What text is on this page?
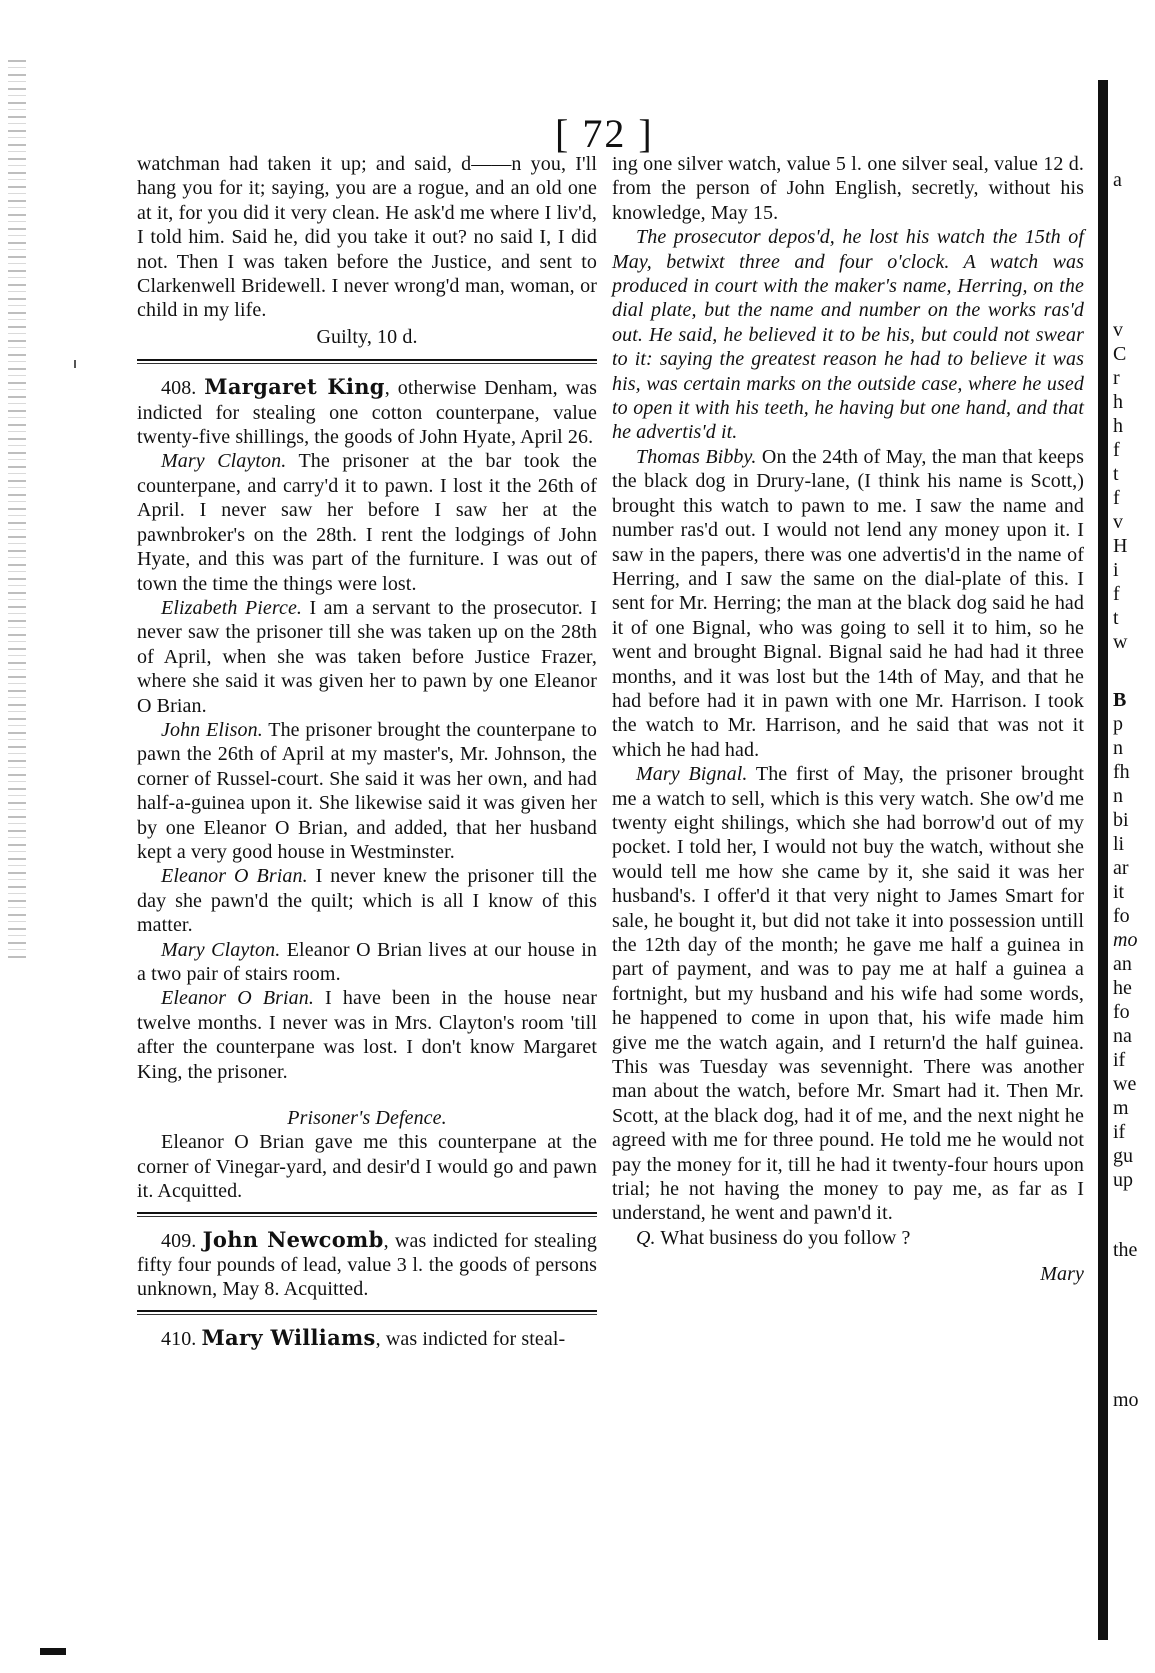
[ 72 ]

watchman had taken it up; and said, d——n you, I'll hang you for it; saying, you are a rogue, and an old one at it, for you did it very clean. He ask'd me where I liv'd, I told him. Said he, did you take it out? no said I, I did not. Then I was taken before the Justice, and sent to Clarkenwell Bridewell. I never wrong'd man, woman, or child in my life.

Guilty, 10 d.

408. Margaret King, otherwise Denham, was indicted for stealing one cotton counterpane, value twenty-five shillings, the goods of John Hyate, April 26.

Mary Clayton. The prisoner at the bar took the counterpane, and carry'd it to pawn. I lost it the 26th of April. I never saw her before I saw her at the pawnbroker's on the 28th. I rent the lodgings of John Hyate, and this was part of the furniture. I was out of town the time the things were lost.

Elizabeth Pierce. I am a servant to the prosecutor. I never saw the prisoner till she was taken up on the 28th of April, when she was taken before Justice Frazer, where she said it was given her to pawn by one Eleanor O Brian.

John Elison. The prisoner brought the counterpane to pawn the 26th of April at my master's, Mr. Johnson, the corner of Russel-court. She said it was her own, and had half-a-guinea upon it. She likewise said it was given her by one Eleanor O Brian, and added, that her husband kept a very good house in Westminster.

Eleanor O Brian. I never knew the prisoner till the day she pawn'd the quilt; which is all I know of this matter.

Mary Clayton. Eleanor O Brian lives at our house in a two pair of stairs room.

Eleanor O Brian. I have been in the house near twelve months. I never was in Mrs. Clayton's room 'till after the counterpane was lost. I don't know Margaret King, the prisoner.

Prisoner's Defence.

Eleanor O Brian gave me this counterpane at the corner of Vinegar-yard, and desir'd I would go and pawn it. Acquitted.

409. John Newcomb, was indicted for stealing fifty four pounds of lead, value 3 l. the goods of persons unknown, May 8. Acquitted.

410. Mary Williams, was indicted for steal-

ing one silver watch, value 5 l. one silver seal, value 12 d. from the person of John English, secretly, without his knowledge, May 15.

The prosecutor depos'd, he lost his watch the 15th of May, betwixt three and four o'clock. A watch was produced in court with the maker's name, Herring, on the dial plate, but the name and number on the works ras'd out. He said, he believed it to be his, but could not swear to it: saying the greatest reason he had to believe it was his, was certain marks on the outside case, where he used to open it with his teeth, he having but one hand, and that he advertis'd it.

Thomas Bibby. On the 24th of May, the man that keeps the black dog in Drury-lane, (I think his name is Scott,) brought this watch to pawn to me. I saw the name and number ras'd out. I would not lend any money upon it. I saw in the papers, there was one advertis'd in the name of Herring, and I saw the same on the dial-plate of this. I sent for Mr. Herring; the man at the black dog said he had it of one Bignal, who was going to sell it to him, so he went and brought Bignal. Bignal said he had had it three months, and it was lost but the 14th of May, and that he had before had it in pawn with one Mr. Harrison. I took the watch to Mr. Harrison, and he said that was not it which he had had.

Mary Bignal. The first of May, the prisoner brought me a watch to sell, which is this very watch. She ow'd me twenty eight shilings, which she had borrow'd out of my pocket. I told her, I would not buy the watch, without she would tell me how she came by it, she said it was her husband's. I offer'd it that very night to James Smart for sale, he bought it, but did not take it into possession untill the 12th day of the month; he gave me half a guinea in part of payment, and was to pay me at half a guinea a fortnight, but my husband and his wife had some words, he happened to come in upon that, his wife made him give me the watch again, and I return'd the half guinea. This was Tuesday was sevennight. There was another man about the watch, before Mr. Smart had it. Then Mr. Scott, at the black dog, had it of me, and the next night he agreed with me for three pound. He told me he would not pay the money for it, till he had it twenty-four hours upon trial; he not having the money to pay me, as far as I understand, he went and pawn'd it.

Q. What business do you follow ?

Mary

a
v
C
r
h
h
f
t
f
v
H
i
f
t
w
B
p
n
fh
n
bi
li
ar
it
fo
mo
an
he
fo
na
if
we
m
if
gu
up
the
mo
